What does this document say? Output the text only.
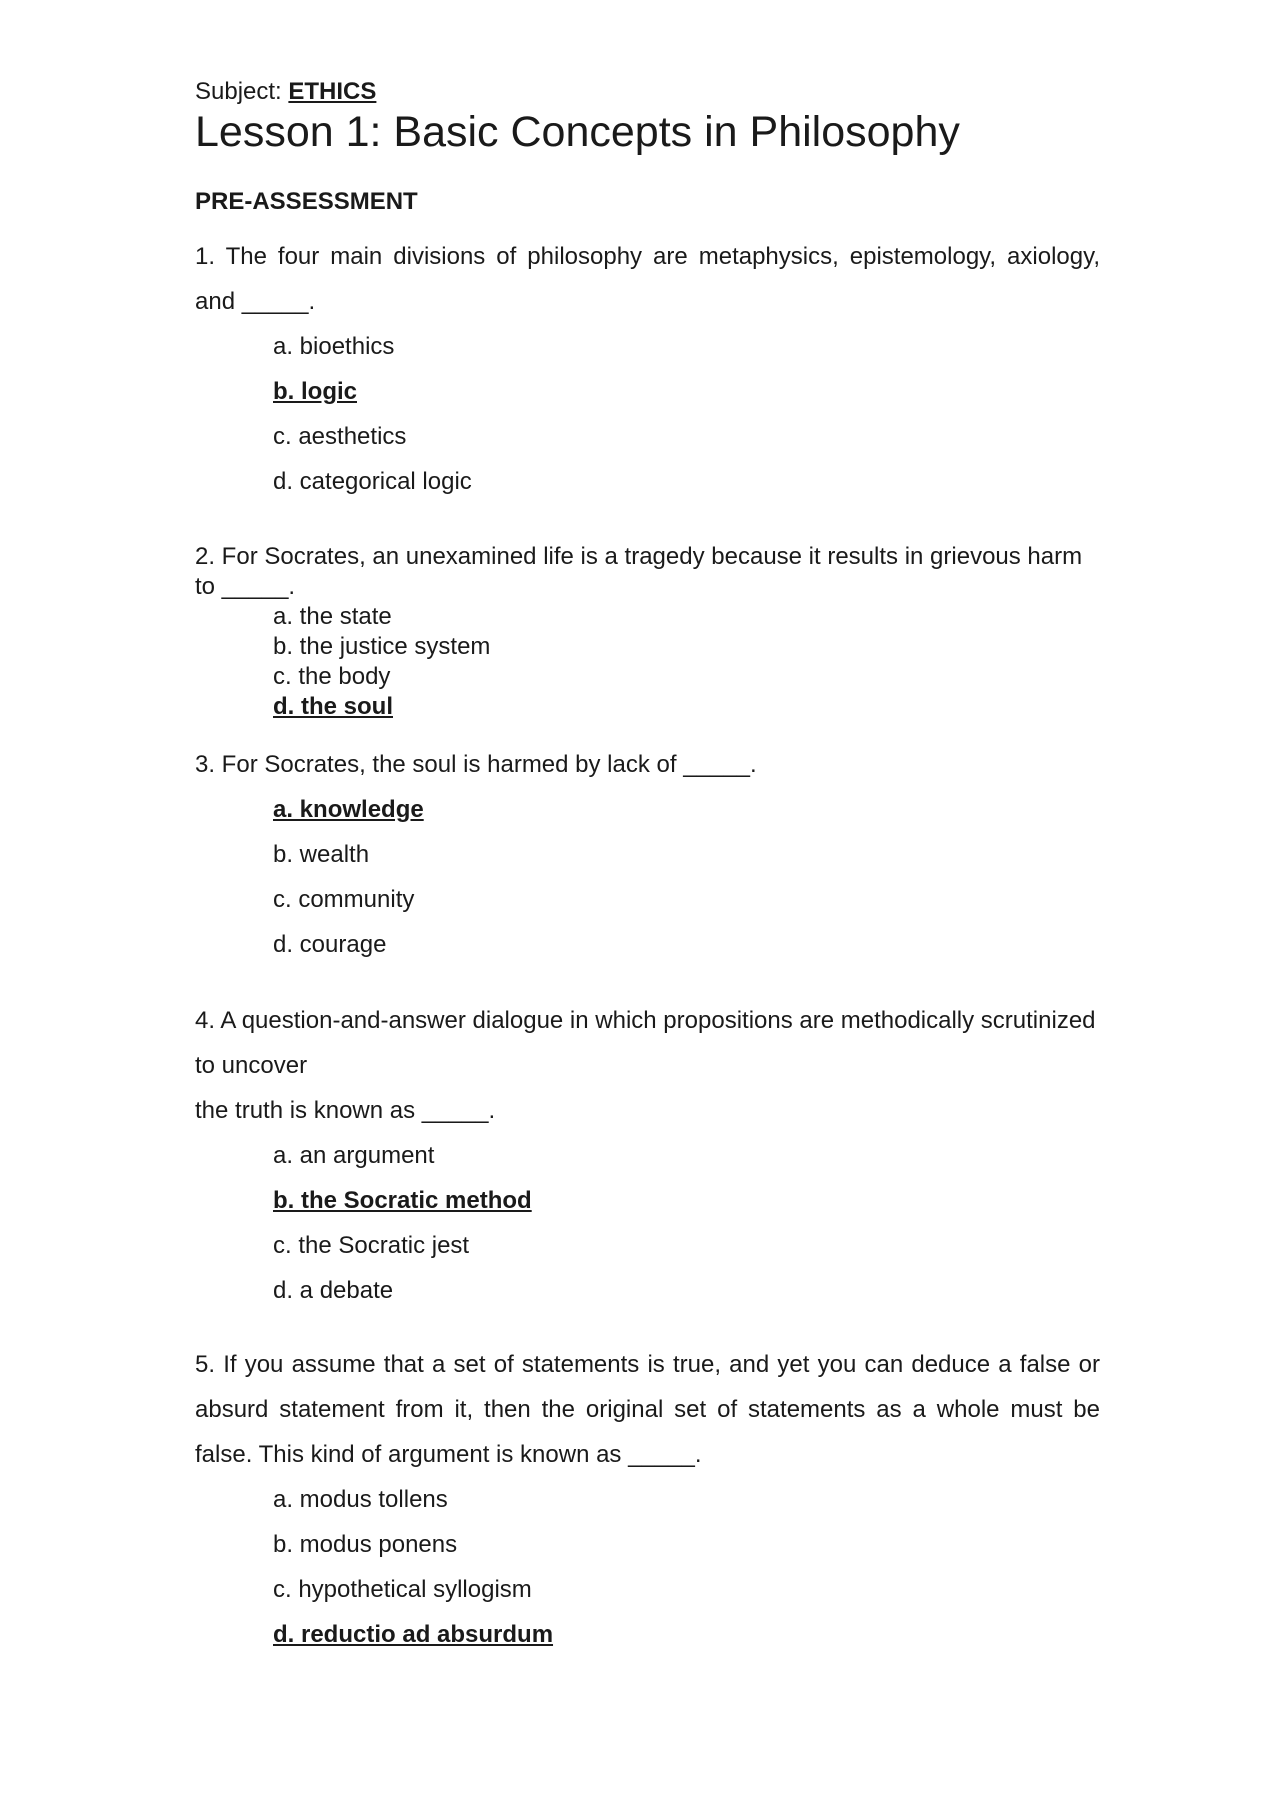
Subject: ETHICS

Lesson 1: Basic Concepts in Philosophy
PRE-ASSESSMENT

1. The four main divisions of philosophy are metaphysics, epistemology, axiology, and _____.

a. bioethics
b. logic
c. aesthetics
d. categorical logic

2. For Socrates, an unexamined life is a tragedy because it results in grievous harm to _____.

a. the state
b. the justice system
c. the body
d. the soul

3. For Socrates, the soul is harmed by lack of _____.

a. knowledge
b. wealth
c. community
d. courage

4. A question-and-answer dialogue in which propositions are methodically scrutinized to uncover

the truth is known as _____.

a. an argument
b. the Socratic method
c. the Socratic jest
d. a debate

5. If you assume that a set of statements is true, and yet you can deduce a false or absurd statement from it, then the original set of statements as a whole must be false. This kind of argument is known as _____.

a. modus tollens
b. modus ponens
c. hypothetical syllogism
d. reductio ad absurdum
